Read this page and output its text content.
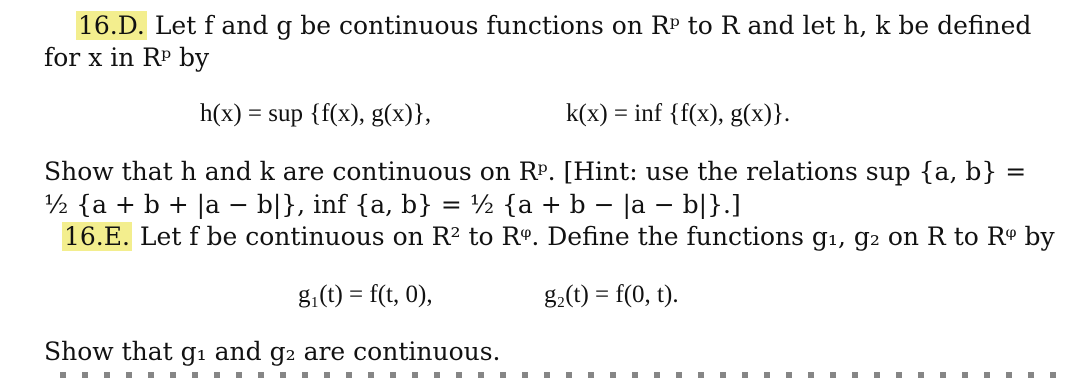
16.D. Let f and g be continuous functions on Rᵖ to R and let h, k be defined
for x in Rᵖ by
h(x) = sup {f(x), g(x)},	k(x) = inf {f(x), g(x)}.
Show that h and k are continuous on Rᵖ. [Hint: use the relations sup {a, b} =
½ {a + b + |a − b|}, inf {a, b} = ½ {a + b − |a − b|}.]
16.E. Let f be continuous on R² to Rᵠ. Define the functions g₁, g₂ on R to Rᵠ by
g₁(t) = f(t, 0),	g₂(t) = f(0, t).
Show that g₁ and g₂ are continuous.
